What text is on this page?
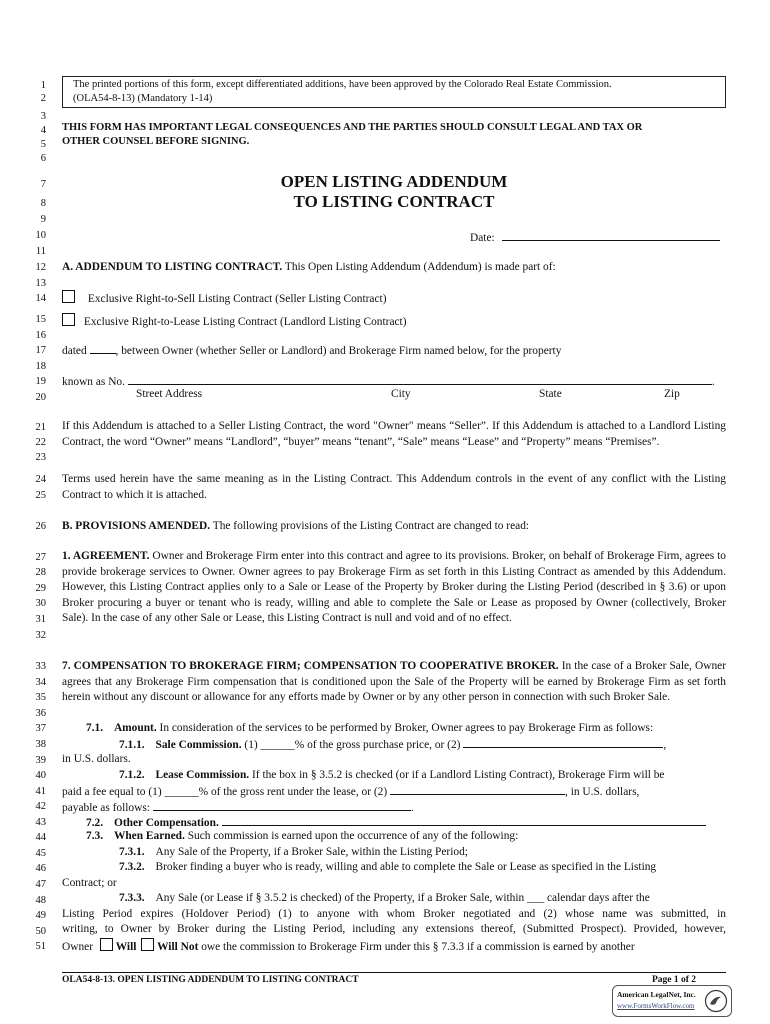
1
2
3
4
5
6
7
8
9
10
11
12
13
14
15
16
17
18
19
20
21
22
23
24
25
26
27
28
29
30
31
32
33
34
35
36
37
38
39
40
41
42
43
44
45
46
47
48
49
50
51
The printed portions of this form, except differentiated additions, have been approved by the Colorado Real Estate Commission.
(OLA54-8-13) (Mandatory 1-14)
THIS FORM HAS IMPORTANT LEGAL CONSEQUENCES AND THE PARTIES SHOULD CONSULT LEGAL AND TAX OR
OTHER COUNSEL BEFORE SIGNING.
OPEN LISTING ADDENDUM
TO LISTING CONTRACT
Date:
A. ADDENDUM TO LISTING CONTRACT. This Open Listing Addendum (Addendum) is made part of:
Exclusive Right-to-Sell Listing Contract (Seller Listing Contract)
Exclusive Right-to-Lease Listing Contract (Landlord Listing Contract)
dated	, between Owner (whether Seller or Landlord) and Brokerage Firm named below, for the property
known as No.	.
Street Address	City	State	Zip
If this Addendum is attached to a Seller Listing Contract, the word "Owner" means “Seller”. If this Addendum is attached to a Landlord Listing Contract, the word “Owner” means “Landlord”, “buyer” means “tenant”, “Sale” means “Lease” and “Property” means “Premises”.
Terms used herein have the same meaning as in the Listing Contract. This Addendum controls in the event of any conflict with the Listing Contract to which it is attached.
B. PROVISIONS AMENDED. The following provisions of the Listing Contract are changed to read:
1. AGREEMENT. Owner and Brokerage Firm enter into this contract and agree to its provisions. Broker, on behalf of Brokerage Firm, agrees to provide brokerage services to Owner. Owner agrees to pay Brokerage Firm as set forth in this Listing Contract as amended by this Addendum. However, this Listing Contract applies only to a Sale or Lease of the Property by Broker during the Listing Period (described in § 3.6) or upon Broker procuring a buyer or tenant who is ready, willing and able to complete the Sale or Lease as proposed by Owner (collectively, Broker Sale). In the case of any other Sale or Lease, this Listing Contract is null and void and of no effect.
7. COMPENSATION TO BROKERAGE FIRM; COMPENSATION TO COOPERATIVE BROKER. In the case of a Broker Sale, Owner agrees that any Brokerage Firm compensation that is conditioned upon the Sale of the Property will be earned by Brokerage Firm as set forth herein without any discount or allowance for any efforts made by Owner or by any other person in connection with such Broker Sale.
7.1. Amount. In consideration of the services to be performed by Broker, Owner agrees to pay Brokerage Firm as follows:
7.1.1. Sale Commission. (1) ______% of the gross purchase price, or (2)	,
in U.S. dollars.
7.1.2. Lease Commission. If the box in § 3.5.2 is checked (or if a Landlord Listing Contract), Brokerage Firm will be
paid a fee equal to (1) ______% of the gross rent under the lease, or (2)	, in U.S. dollars,
payable as follows:	.
7.2. Other Compensation.
7.3. When Earned. Such commission is earned upon the occurrence of any of the following:
7.3.1. Any Sale of the Property, if a Broker Sale, within the Listing Period;
7.3.2. Broker finding a buyer who is ready, willing and able to complete the Sale or Lease as specified in the Listing
Contract; or
7.3.3. Any Sale (or Lease if § 3.5.2 is checked) of the Property, if a Broker Sale, within ___ calendar days after the
Listing Period expires (Holdover Period) (1) to anyone with whom Broker negotiated and (2) whose name was submitted, in
writing, to Owner by Broker during the Listing Period, including any extensions thereof, (Submitted Prospect). Provided, however,
Owner Will Will Not owe the commission to Brokerage Firm under this § 7.3.3 if a commission is earned by another
OLA54-8-13. OPEN LISTING ADDENDUM TO LISTING CONTRACT	Page 1 of 2
American LegalNet, Inc.
www.FormsWorkFlow.com
